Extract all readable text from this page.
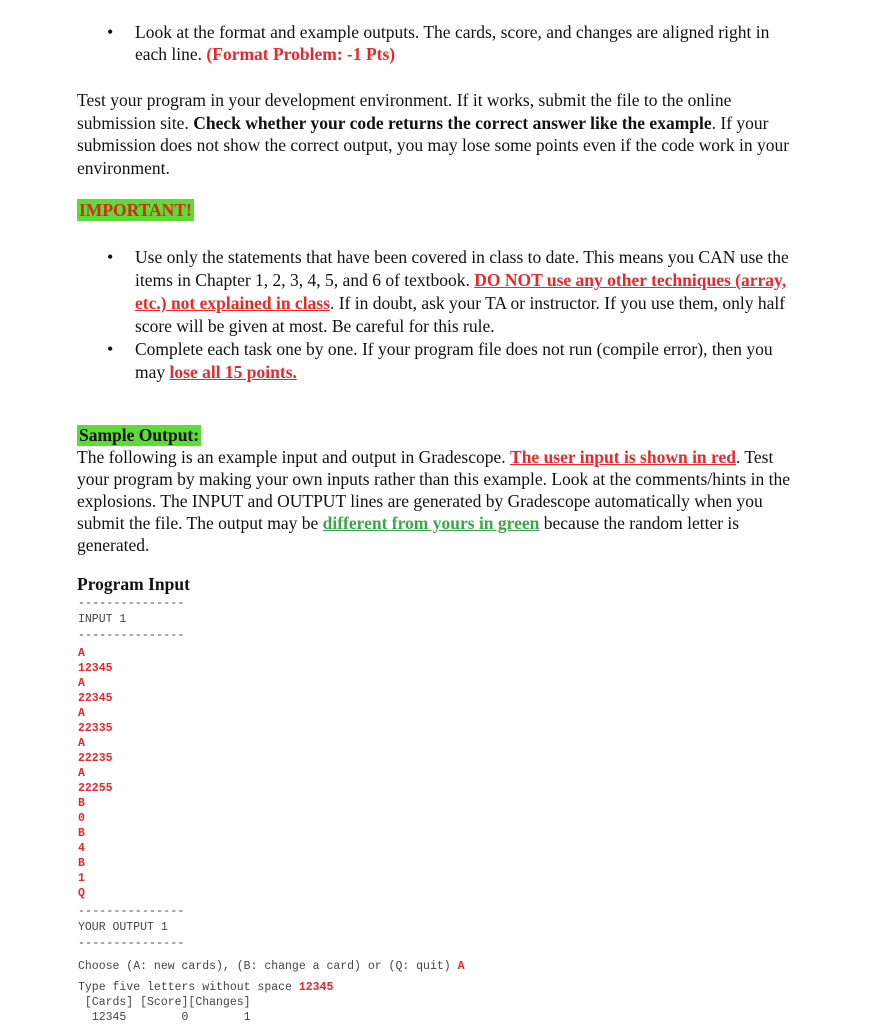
• Look at the format and example outputs. The cards, score, and changes are aligned right in each line. (Format Problem: -1 Pts)
Test your program in your development environment. If it works, submit the file to the online submission site. Check whether your code returns the correct answer like the example. If your submission does not show the correct output, you may lose some points even if the code work in your environment.
IMPORTANT!
• Use only the statements that have been covered in class to date. This means you CAN use the items in Chapter 1, 2, 3, 4, 5, and 6 of textbook. DO NOT use any other techniques (array, etc.) not explained in class. If in doubt, ask your TA or instructor. If you use them, only half score will be given at most. Be careful for this rule.
• Complete each task one by one. If your program file does not run (compile error), then you may lose all 15 points.
Sample Output:
The following is an example input and output in Gradescope. The user input is shown in red. Test your program by making your own inputs rather than this example. Look at the comments/hints in the explosions. The INPUT and OUTPUT lines are generated by Gradescope automatically when you submit the file. The output may be different from yours in green because the random letter is generated.
Program Input
---------------
INPUT 1
---------------
A
12345
A
22345
A
22335
A
22235
A
22255
B
0
B
4
B
1
Q
---------------
YOUR OUTPUT 1
---------------
Choose (A: new cards), (B: change a card) or (Q: quit) A
Type five letters without space 12345
[Cards] [Score][Changes]
12345        0        1
